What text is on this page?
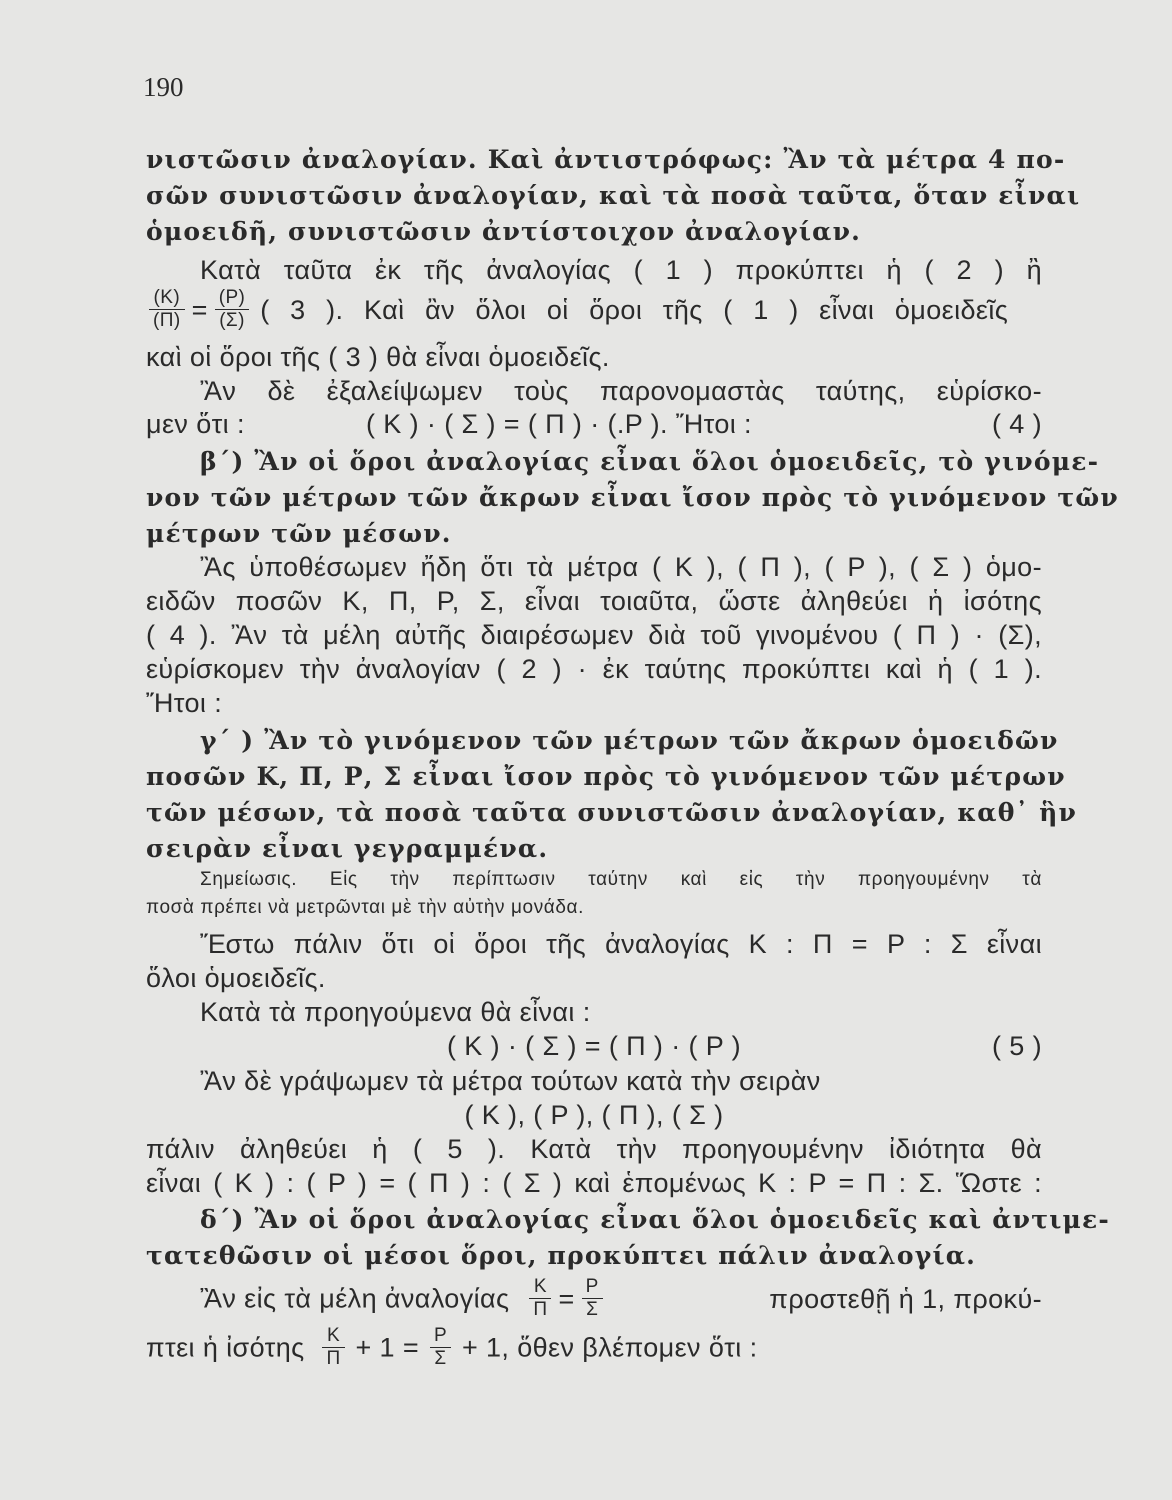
190
νιστῶσιν ἀναλογίαν. Καὶ ἀντιστρόφως: Ἂν τὰ μέτρα 4 πο-
σῶν συνιστῶσιν ἀναλογίαν, καὶ τὰ ποσὰ ταῦτα, ὅταν εἶναι
ὁμοειδῆ, συνιστῶσιν ἀντίστοιχον ἀναλογίαν.
Κατὰ ταῦτα ἐκ τῆς ἀναλογίας ( 1 ) προκύπτει ἡ ( 2 ) ἢ
$\frac{(K)}{(\Pi)} = \frac{(P)}{(\Sigma)}$ ( 3 ). Καὶ ἂν ὅλοι οἱ ὅροι τῆς ( 1 ) εἶναι ὁμοειδεῖς
καὶ οἱ ὅροι τῆς ( 3 ) θὰ εἶναι ὁμοειδεῖς.
Ἂν δὲ ἐξαλείψωμεν τοὺς παρονομαστὰς ταύτης, εὑρίσκο-
μεν ὅτι :	( Κ ) · ( Σ ) = ( Π ) · (.Ρ ). Ἤτοι :	( 4 )
β΄) Ἂν οἱ ὅροι ἀναλογίας εἶναι ὅλοι ὁμοειδεῖς, τὸ γινόμε-
νον τῶν μέτρων τῶν ἄκρων εἶναι ἴσον πρὸς τὸ γινόμενον τῶν
μέτρων τῶν μέσων.
Ἂς ὑποθέσωμεν ἤδη ὅτι τὰ μέτρα ( Κ ), ( Π ), ( Ρ ), ( Σ ) ὁμο-
ειδῶν ποσῶν Κ, Π, Ρ, Σ, εἶναι τοιαῦτα, ὥστε ἀληθεύει ἡ ἰσότης
( 4 ). Ἂν τὰ μέλη αὐτῆς διαιρέσωμεν διὰ τοῦ γινομένου ( Π ) · (Σ),
εὑρίσκομεν τὴν ἀναλογίαν ( 2 ) · ἐκ ταύτης προκύπτει καὶ ἡ ( 1 ).
Ἤτοι :
γ΄ ) Ἂν τὸ γινόμενον τῶν μέτρων τῶν ἄκρων ὁμοειδῶν
ποσῶν Κ, Π, Ρ, Σ εἶναι ἴσον πρὸς τὸ γινόμενον τῶν μέτρων
τῶν μέσων, τὰ ποσὰ ταῦτα συνιστῶσιν ἀναλογίαν, καθ᾽ ἣν
σειρὰν εἶναι γεγραμμένα.
Σημείωσις. Εἰς τὴν περίπτωσιν ταύτην καὶ εἰς τὴν προηγουμένην τὰ
ποσὰ πρέπει νὰ μετρῶνται μὲ τὴν αὐτὴν μονάδα.
Ἔστω πάλιν ὅτι οἱ ὅροι τῆς ἀναλογίας Κ : Π = Ρ : Σ εἶναι
ὅλοι ὁμοειδεῖς.
Κατὰ τὰ προηγούμενα θὰ εἶναι :
( Κ ) · ( Σ ) = ( Π ) · ( Ρ )	( 5 )
Ἂν δὲ γράψωμεν τὰ μέτρα τούτων κατὰ τὴν σειρὰν
( Κ ), ( Ρ ), ( Π ), ( Σ )
πάλιν ἀληθεύει ἡ ( 5 ). Κατὰ τὴν προηγουμένην ἰδιότητα θὰ
εἶναι ( Κ ) : ( Ρ ) = ( Π ) : ( Σ ) καὶ ἑπομένως Κ : Ρ = Π : Σ. Ὥστε :
δ΄) Ἂν οἱ ὅροι ἀναλογίας εἶναι ὅλοι ὁμοειδεῖς καὶ ἀντιμε-
τατεθῶσιν οἱ μέσοι ὅροι, προκύπτει πάλιν ἀναλογία.
Ἂν εἰς τὰ μέλη ἀναλογίας $\frac{K}{\Pi} = \frac{P}{\Sigma}$	προστεθῇ ἡ 1, προκύ-
πτει ἡ ἰσότης $\frac{K}{\Pi} + 1 = \frac{P}{\Sigma} + 1$, ὅθεν βλέπομεν ὅτι :
